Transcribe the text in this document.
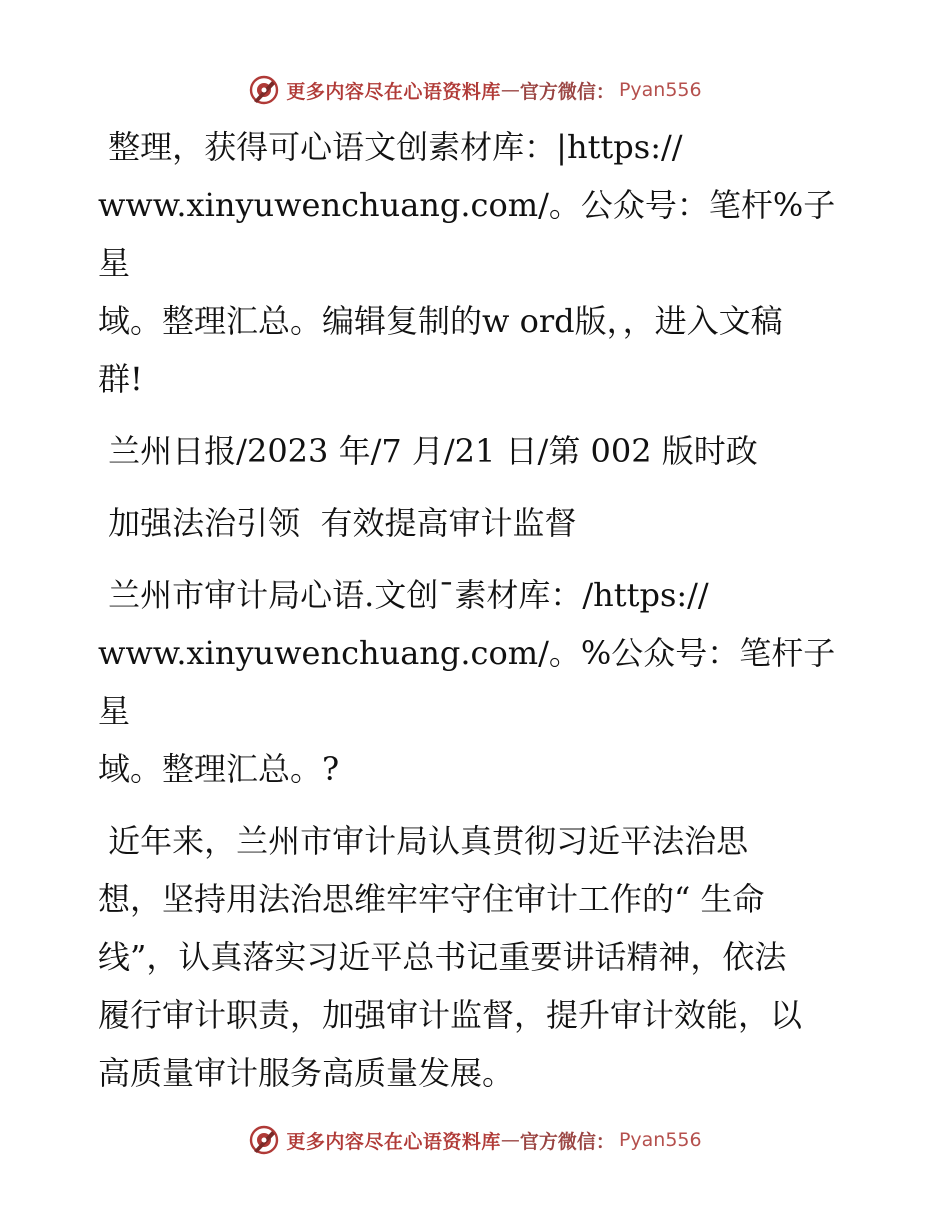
更多内容尽在心语资料库 — 官方微信： Pyan556

整理，获得可心语文创素材库：|https://
www.xinyuwenchuang.com/。公众号：笔杆%子星
域。整理汇总。编辑复制的w ord版，，进入文稿
群!

兰州日报/2023 年/7 月/21 日/第 002 版时政

加强法治引领  有效提高审计监督

兰州市审计局心语.文创¯素材库：/https://
www.xinyuwenchuang.com/。%公众号：笔杆子星
域。整理汇总。?

近年来，兰州市审计局认真贯彻习近平法治思
想，坚持用法治思维牢牢守住审计工作的“ 生命
线”，认真落实习近平总书记重要讲话精神，依法
履行审计职责，加强审计监督，提升审计效能，以
高质量审计服务高质量发展。

更多内容尽在心语资料库 — 官方微信： Pyan556
